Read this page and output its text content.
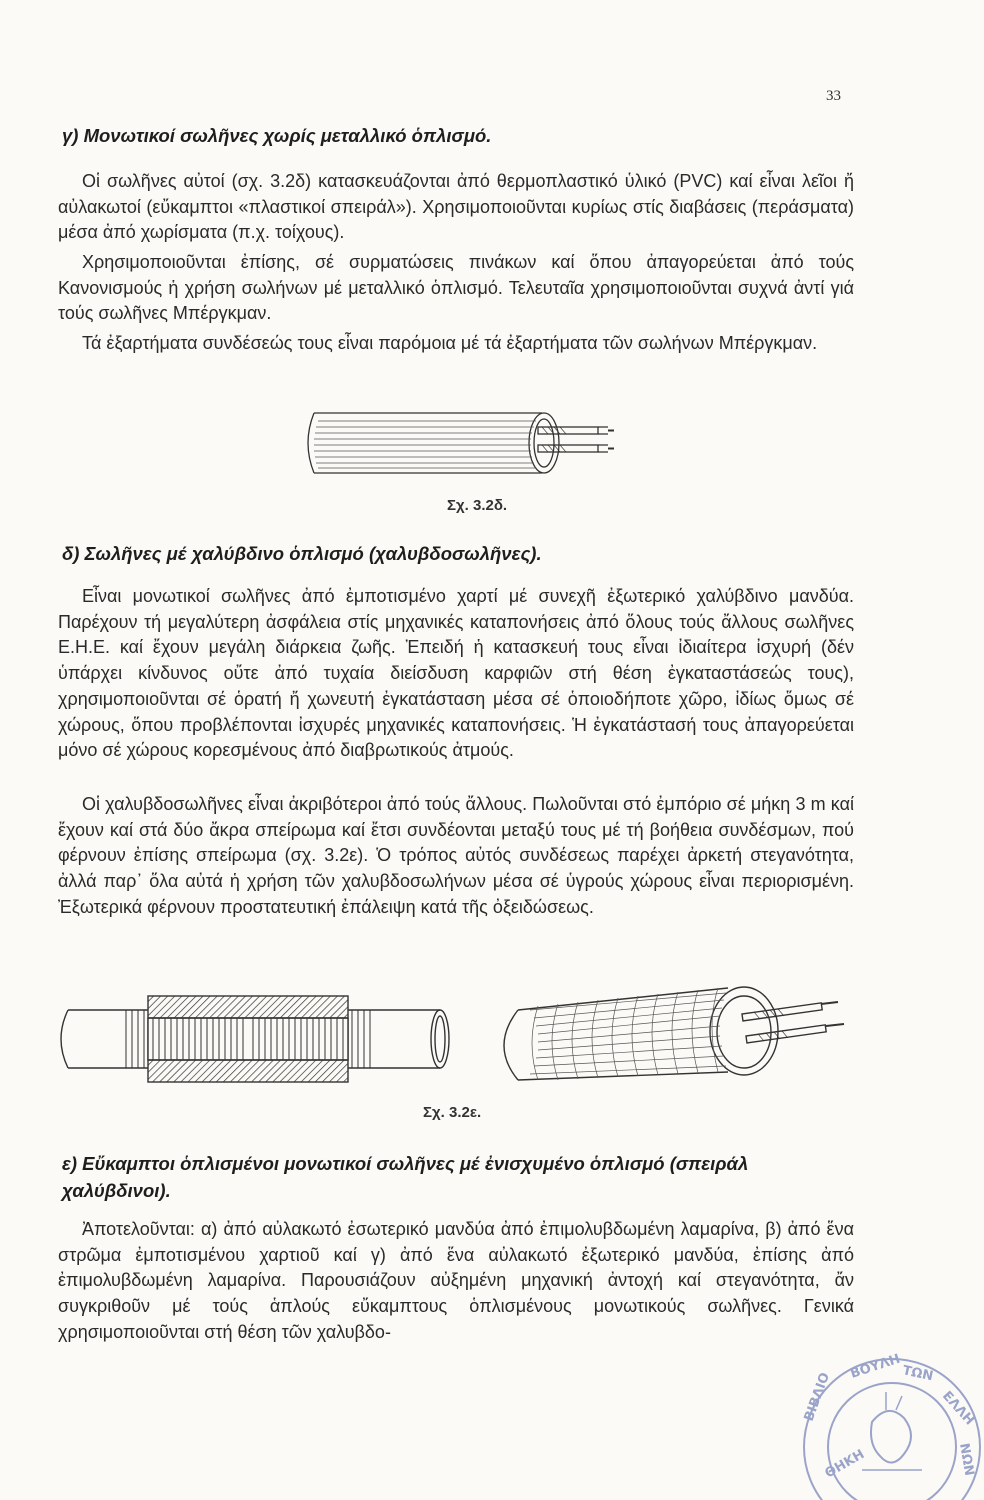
33

γ) Μονωτικοί σωλῆνες χωρίς μεταλλικό ὁπλισμό.

Οἱ σωλῆνες αὐτοί (σχ. 3.2δ) κατασκευάζονται ἀπό θερμοπλαστικό ὑλικό (PVC) καί εἶναι λεῖοι ἤ αὐλακωτοί (εὔκαμπτοι «πλαστικοί σπειράλ»). Χρησιμοποιοῦνται κυρίως στίς διαβάσεις (περάσματα) μέσα ἀπό χωρίσματα (π.χ. τοίχους).

Χρησιμοποιοῦνται ἐπίσης, σέ συρματώσεις πινάκων καί ὅπου ἀπαγορεύεται ἀπό τούς Κανονισμούς ἡ χρήση σωλήνων μέ μεταλλικό ὁπλισμό. Τελευταῖα χρησιμοποιοῦνται συχνά ἀντί γιά τούς σωλῆνες Μπέργκμαν.

Τά ἐξαρτήματα συνδέσεώς τους εἶναι παρόμοια μέ τά ἐξαρτήματα τῶν σωλήνων Μπέργκμαν.

Σχ. 3.2δ.

δ) Σωλῆνες μέ χαλύβδινο ὁπλισμό (χαλυβδοσωλῆνες).

Εἶναι μονωτικοί σωλῆνες ἀπό ἐμποτισμένο χαρτί μέ συνεχῆ ἐξωτερικό χαλύβδινο μανδύα. Παρέχουν τή μεγαλύτερη ἀσφάλεια στίς μηχανικές καταπονήσεις ἀπό ὅλους τούς ἄλλους σωλῆνες Ε.Η.Ε. καί ἔχουν μεγάλη διάρκεια ζωῆς. Ἐπειδή ἡ κατασκευή τους εἶναι ἰδιαίτερα ἰσχυρή (δέν ὑπάρχει κίνδυνος οὔτε ἀπό τυχαία διείσδυση καρφιῶν στή θέση ἐγκαταστάσεώς τους), χρησιμοποιοῦνται σέ ὁρατή ἤ χωνευτή ἐγκατάσταση μέσα σέ ὁποιοδήποτε χῶρο, ἰδίως ὅμως σέ χώρους, ὅπου προβλέπονται ἰσχυρές μηχανικές καταπονήσεις. Ἡ ἐγκατάστασή τους ἀπαγορεύεται μόνο σέ χώρους κορεσμένους ἀπό διαβρωτικούς ἀτμούς.

Οἱ χαλυβδοσωλῆνες εἶναι ἀκριβότεροι ἀπό τούς ἄλλους. Πωλοῦνται στό ἐμπόριο σέ μήκη 3 m καί ἔχουν καί στά δύο ἄκρα σπείρωμα καί ἔτσι συνδέονται μεταξύ τους μέ τή βοήθεια συνδέσμων, πού φέρνουν ἐπίσης σπείρωμα (σχ. 3.2ε). Ὁ τρόπος αὐτός συνδέσεως παρέχει ἀρκετή στεγανότητα, ἀλλά παρ᾽ ὅλα αὐτά ἡ χρήση τῶν χαλυβδοσωλήνων μέσα σέ ὑγρούς χώρους εἶναι περιορισμένη. Ἐξωτερικά φέρνουν προστατευτική ἐπάλειψη κατά τῆς ὀξειδώσεως.

Σχ. 3.2ε.

ε) Εὔκαμπτοι ὁπλισμένοι μονωτικοί σωλῆνες μέ ἐνισχυμένο ὁπλισμό (σπειράλ χαλύβδινοι).

Ἀποτελοῦνται: α) ἀπό αὐλακωτό ἐσωτερικό μανδύα ἀπό ἐπιμολυβδωμένη λαμαρίνα, β) ἀπό ἕνα στρῶμα ἐμποτισμένου χαρτιοῦ καί γ) ἀπό ἕνα αὐλακωτό ἐξωτερικό μανδύα, ἐπίσης ἀπό ἐπιμολυβδωμένη λαμαρίνα. Παρουσιάζουν αὐξημένη μηχανική ἀντοχή καί στεγανότητα, ἄν συγκριθοῦν μέ τούς ἁπλούς εὔκαμπτους ὁπλισμένους μονωτικούς σωλῆνες. Γενικά χρησιμοποιοῦνται στή θέση τῶν χαλυβδο-

ΒΟΥΛΗ ΤΩΝ
ΕΛΛΗ
ΝΩΝ
ΒΙΒΛΙΟ
ΘΗΚΗ
